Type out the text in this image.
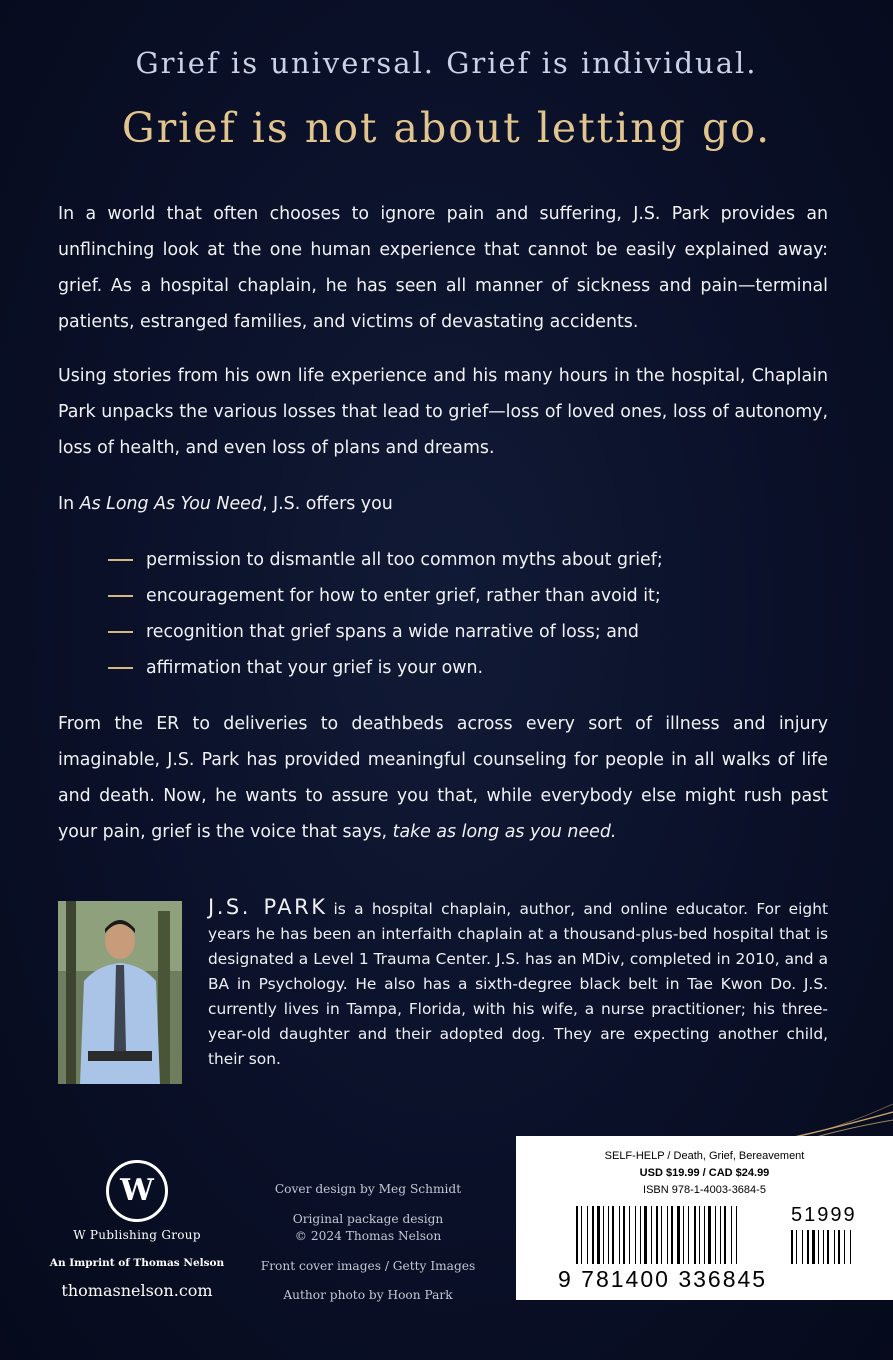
Grief is universal. Grief is individual.
Grief is not about letting go.
In a world that often chooses to ignore pain and suffering, J.S. Park provides an unflinching look at the one human experience that cannot be easily explained away: grief. As a hospital chaplain, he has seen all manner of sickness and pain—terminal patients, estranged families, and victims of devastating accidents.
Using stories from his own life experience and his many hours in the hospital, Chaplain Park unpacks the various losses that lead to grief—loss of loved ones, loss of autonomy, loss of health, and even loss of plans and dreams.
In As Long As You Need, J.S. offers you
permission to dismantle all too common myths about grief;
encouragement for how to enter grief, rather than avoid it;
recognition that grief spans a wide narrative of loss; and
affirmation that your grief is your own.
From the ER to deliveries to deathbeds across every sort of illness and injury imaginable, J.S. Park has provided meaningful counseling for people in all walks of life and death. Now, he wants to assure you that, while everybody else might rush past your pain, grief is the voice that says, take as long as you need.
J.S. PARK is a hospital chaplain, author, and online educator. For eight years he has been an interfaith chaplain at a thousand-plus-bed hospital that is designated a Level 1 Trauma Center. J.S. has an MDiv, completed in 2010, and a BA in Psychology. He also has a sixth-degree black belt in Tae Kwon Do. J.S. currently lives in Tampa, Florida, with his wife, a nurse practitioner; his three-year-old daughter and their adopted dog. They are expecting another child, their son.
W
W Publishing Group
An Imprint of Thomas Nelson
thomasnelson.com
Cover design by Meg Schmidt
Original package design
© 2024 Thomas Nelson
Front cover images / Getty Images
Author photo by Hoon Park
SELF-HELP / Death, Grief, Bereavement
USD $19.99 / CAD $24.99
ISBN 978-1-4003-3684-5
51999
9 781400 336845
